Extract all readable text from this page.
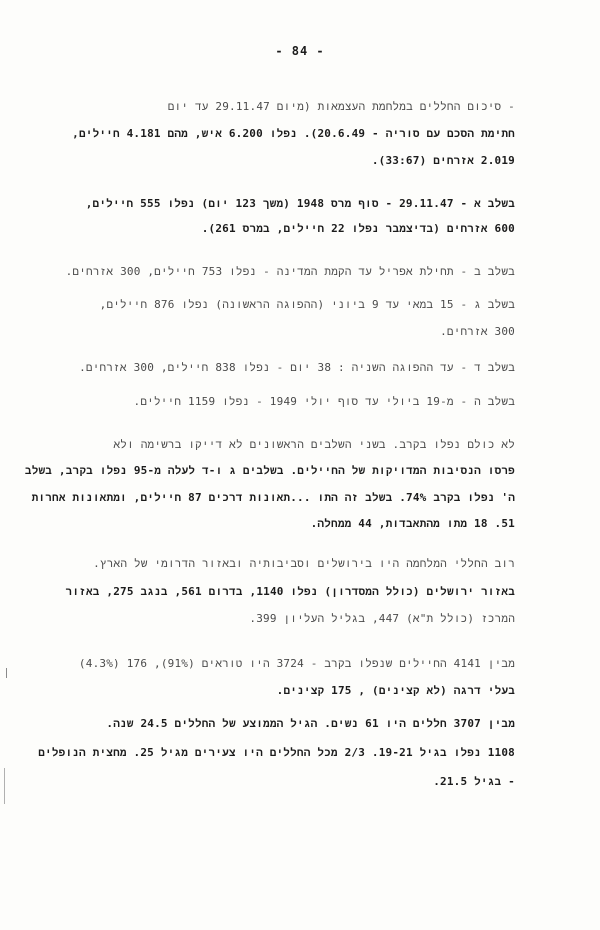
- 84 -
- סיכום החללים במלחמת העצמאות (מיום 29.11.47 עד יום
חתימת הסכם עם סוריה - 20.6.49). נפלו 6.200 איש, מהם 4.181 חיילים,
2.019 אזרחים (33:67).
בשלב א - 29.11.47 - סוף מרס 1948 (משך 123 יום) נפלו 555 חיילים,
600 אזרחים (בדיצמבר נפלו 22 חיילים, במרס 261).
בשלב ב - תחילת אפריל עד הקמת המדינה - נפלו 753 חיילים, 300 אזרחים.
בשלב ג - 15 במאי עד 9 ביוני (ההפוגה הראשונה) נפלו 876 חיילים,
300 אזרחים.
בשלב ד - עד ההפוגה השניה : 38 יום - נפלו 838 חיילים, 300 אזרחים.
בשלב ה - מ-19 ביולי עד סוף יולי 1949 - נפלו 1159 חיילים.
לא כולם נפלו בקרב. בשני השלבים הראשונים לא דייקו ברשימה ולא
פרסו הנסיבות המדויקות של החיילים. בשלבים ג ו-ד לעלה מ-95 נפלו בקרב, בשלב
ה' נפלו בקרב 74%. בשלב זה התו ...תאונות דרכים 87 חיילים, ומתאונות אחרות
51. 18 מתו מהתאבדות, 44 ממחלה.
רוב החללי המלחמה היו בירושלים וסביבותיה ובאזור הדרומי של הארץ.
באזור ירושלים (כולל המסדרון) נפלו 1140, בדרום 561, בנגב 275, באזור
המרכז (כולל ת"א) 447, בגליל העליון 399.
מבין 4141 החיילים שנפלו בקרב - 3724 היו טוראים (91%), 176 (4.3%)
בעלי דרגה (לא קצינים) , 175 קצינים.
מבין 3707 חללים היו 61 נשים. הגיל הממוצע של החללים 24.5 שנה.
1108 נפלו בגיל 19-21. 2/3 מכל החללים היו צעירים מגיל 25. מחצית הנופלים
- בגיל 21.5.
